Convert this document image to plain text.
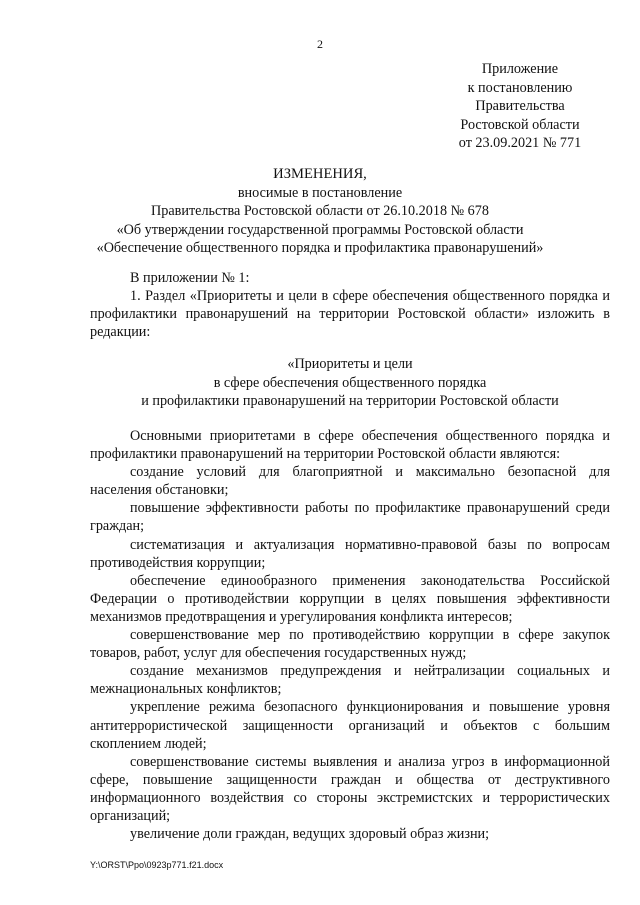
2
Приложение
к постановлению
Правительства
Ростовской области
от 23.09.2021 № 771
ИЗМЕНЕНИЯ,
вносимые в постановление
Правительства Ростовской области от 26.10.2018 № 678
«Об утверждении государственной программы Ростовской области
«Обеспечение общественного порядка и профилактика правонарушений»

В приложении № 1:

1. Раздел «Приоритеты и цели в сфере обеспечения общественного порядка и профилактики правонарушений на территории Ростовской области» изложить в редакции:

«Приоритеты и цели
в сфере обеспечения общественного порядка
и профилактики правонарушений на территории Ростовской области

Основными приоритетами в сфере обеспечения общественного порядка и профилактики правонарушений на территории Ростовской области являются:

создание условий для благоприятной и максимально безопасной для населения обстановки;

повышение эффективности работы по профилактике правонарушений среди граждан;

систематизация и актуализация нормативно-правовой базы по вопросам противодействия коррупции;

обеспечение единообразного применения законодательства Российской Федерации о противодействии коррупции в целях повышения эффективности механизмов предотвращения и урегулирования конфликта интересов;

совершенствование мер по противодействию коррупции в сфере закупок товаров, работ, услуг для обеспечения государственных нужд;

создание механизмов предупреждения и нейтрализации социальных и межнациональных конфликтов;

укрепление режима безопасного функционирования и повышение уровня антитеррористической защищенности организаций и объектов с большим скоплением людей;

совершенствование системы выявления и анализа угроз в информационной сфере, повышение защищенности граждан и общества от деструктивного информационного воздействия со стороны экстремистских и террористических организаций;

увеличение доли граждан, ведущих здоровый образ жизни;

Y:\ORST\Ppo\0923p771.f21.docx
